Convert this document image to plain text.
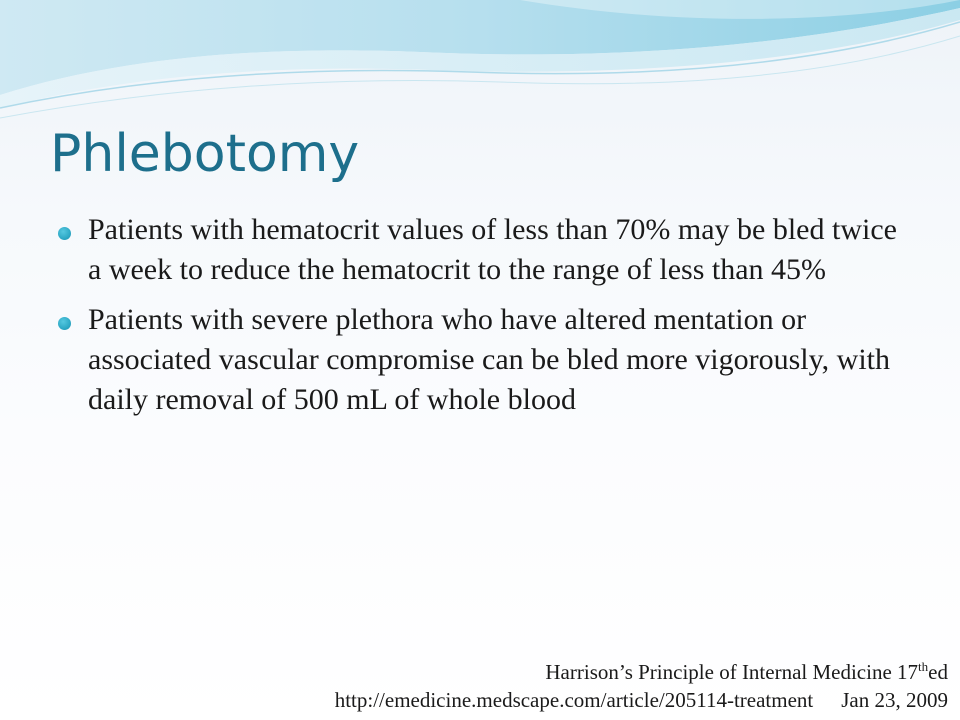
Phlebotomy
Patients with hematocrit values of less than 70% may be bled twice a week to reduce the hematocrit to the range of less than 45%
Patients with severe plethora who have altered mentation or associated vascular compromise can be bled more vigorously, with daily removal of 500 mL of whole blood
Harrison’s Principle of Internal Medicine 17thed
http://emedicine.medscape.com/article/205114-treatment Jan 23, 2009
